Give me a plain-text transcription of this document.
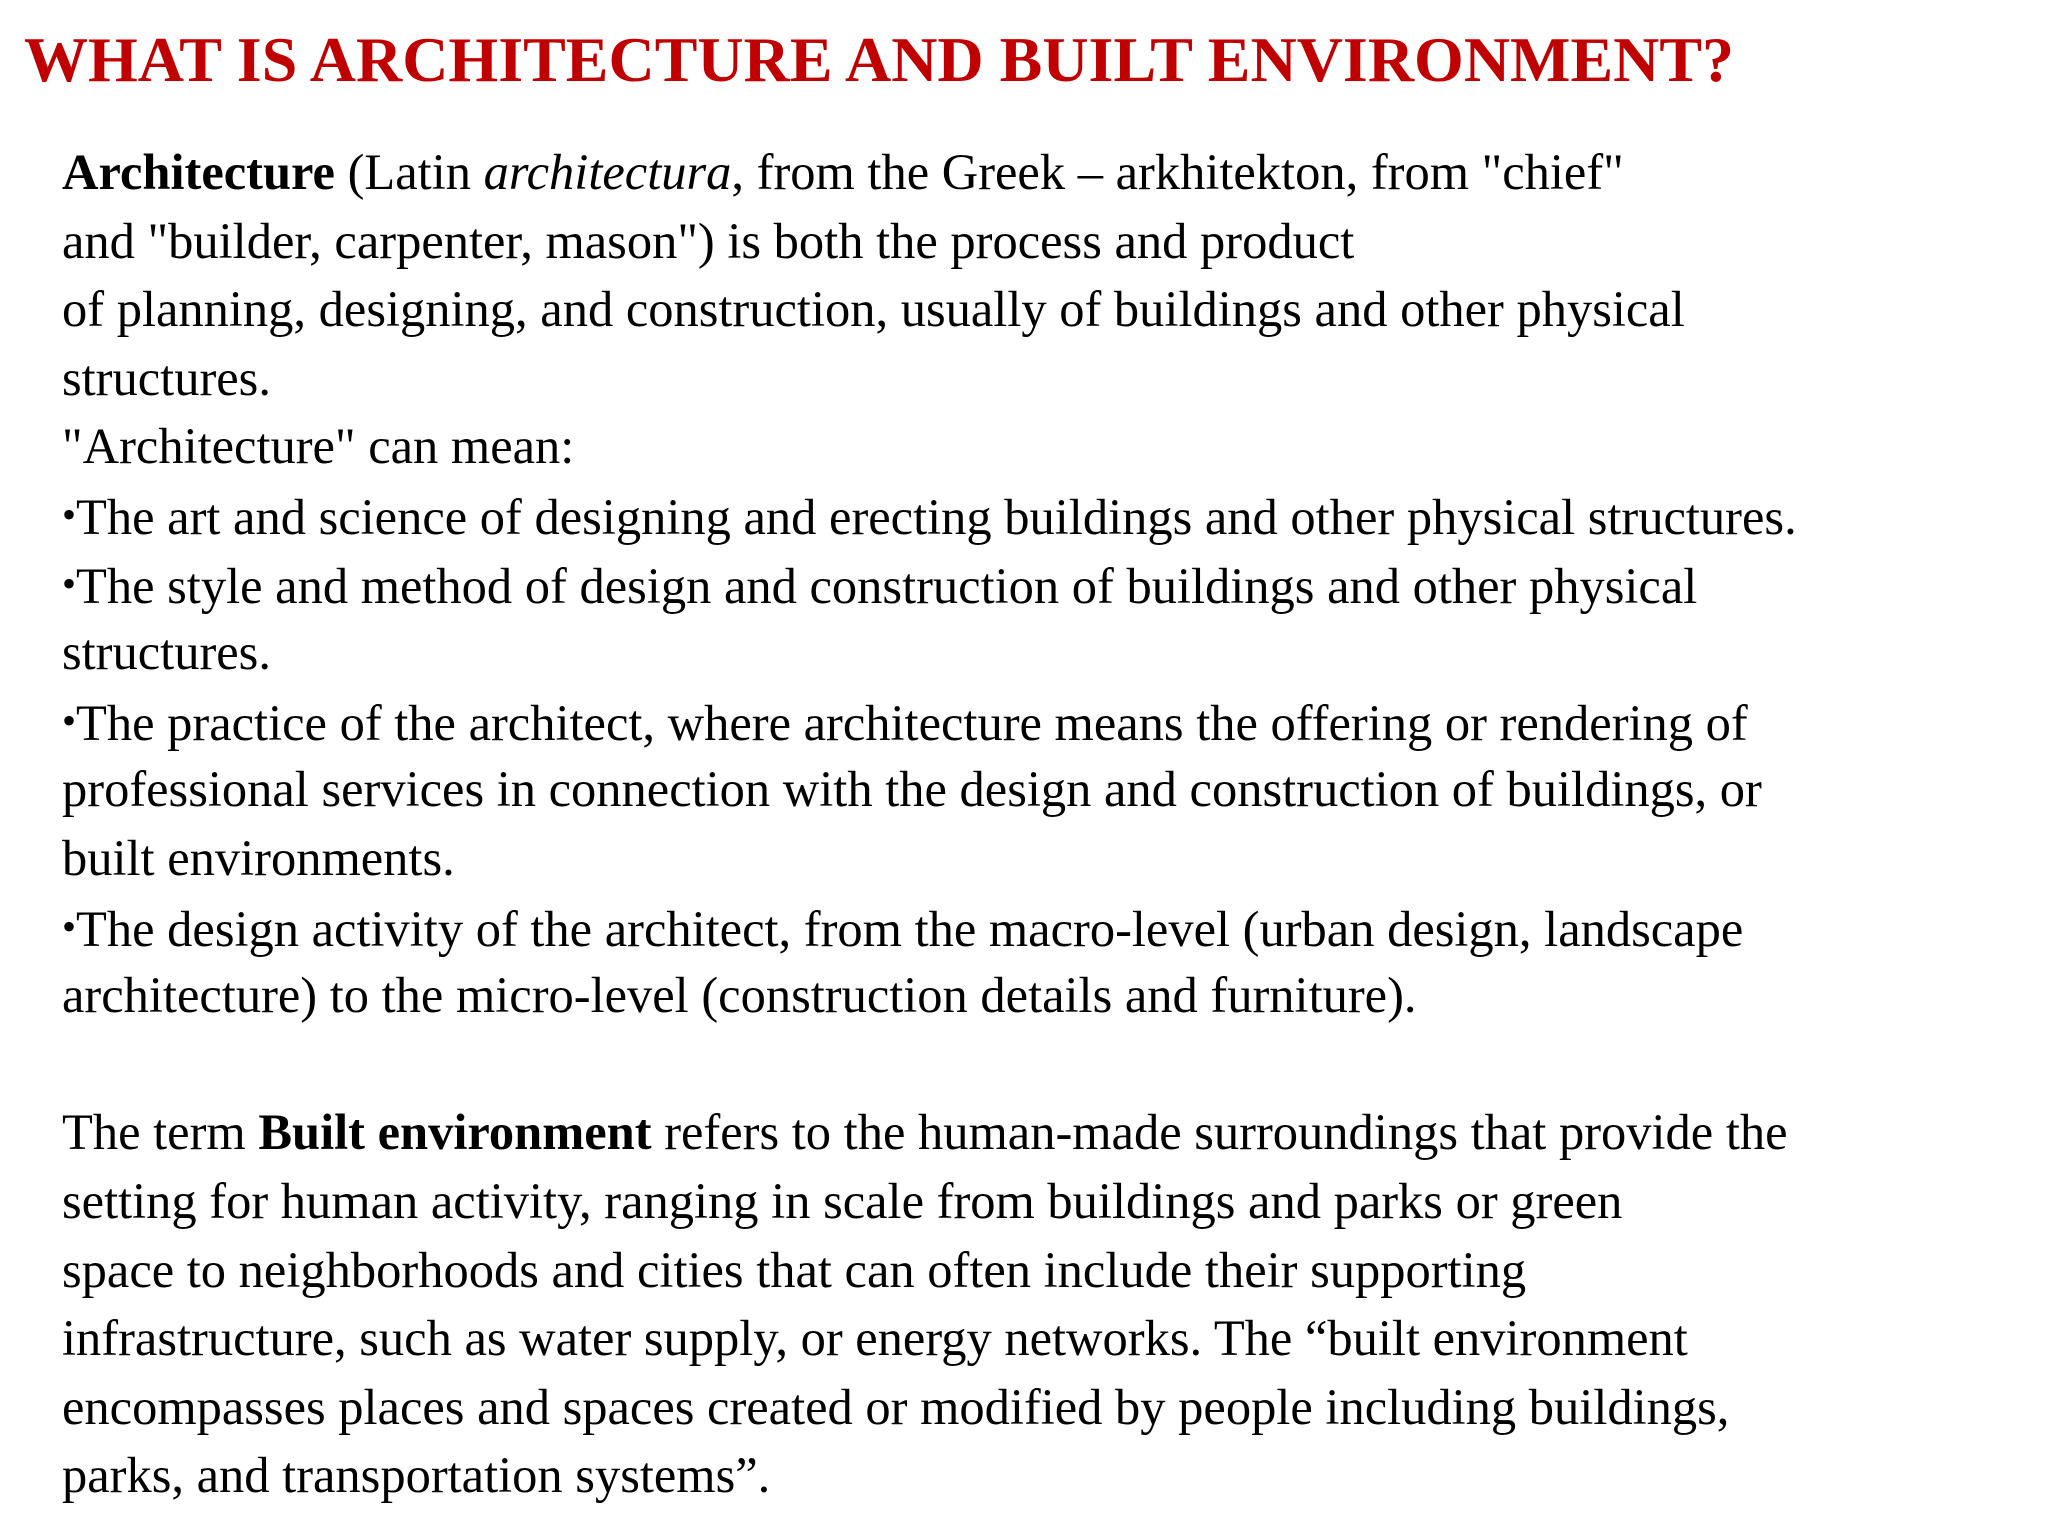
WHAT IS ARCHITECTURE AND BUILT ENVIRONMENT?
Architecture (Latin architectura, from the Greek – arkhitekton, from "chief"
and "builder, carpenter, mason") is both the process and product
of planning, designing, and construction, usually of buildings and other physical
structures.
"Architecture" can mean:
•The art and science of designing and erecting buildings and other physical structures.
•The style and method of design and construction of buildings and other physical
structures.
•The practice of the architect, where architecture means the offering or rendering of
professional services in connection with the design and construction of buildings, or
built environments.
•The design activity of the architect, from the macro-level (urban design, landscape
architecture) to the micro-level (construction details and furniture).
The term Built environment refers to the human-made surroundings that provide the
setting for human activity, ranging in scale from buildings and parks or green
space to neighborhoods and cities that can often include their supporting
infrastructure, such as water supply, or energy networks. The “built environment
encompasses places and spaces created or modified by people including buildings,
parks, and transportation systems”.
